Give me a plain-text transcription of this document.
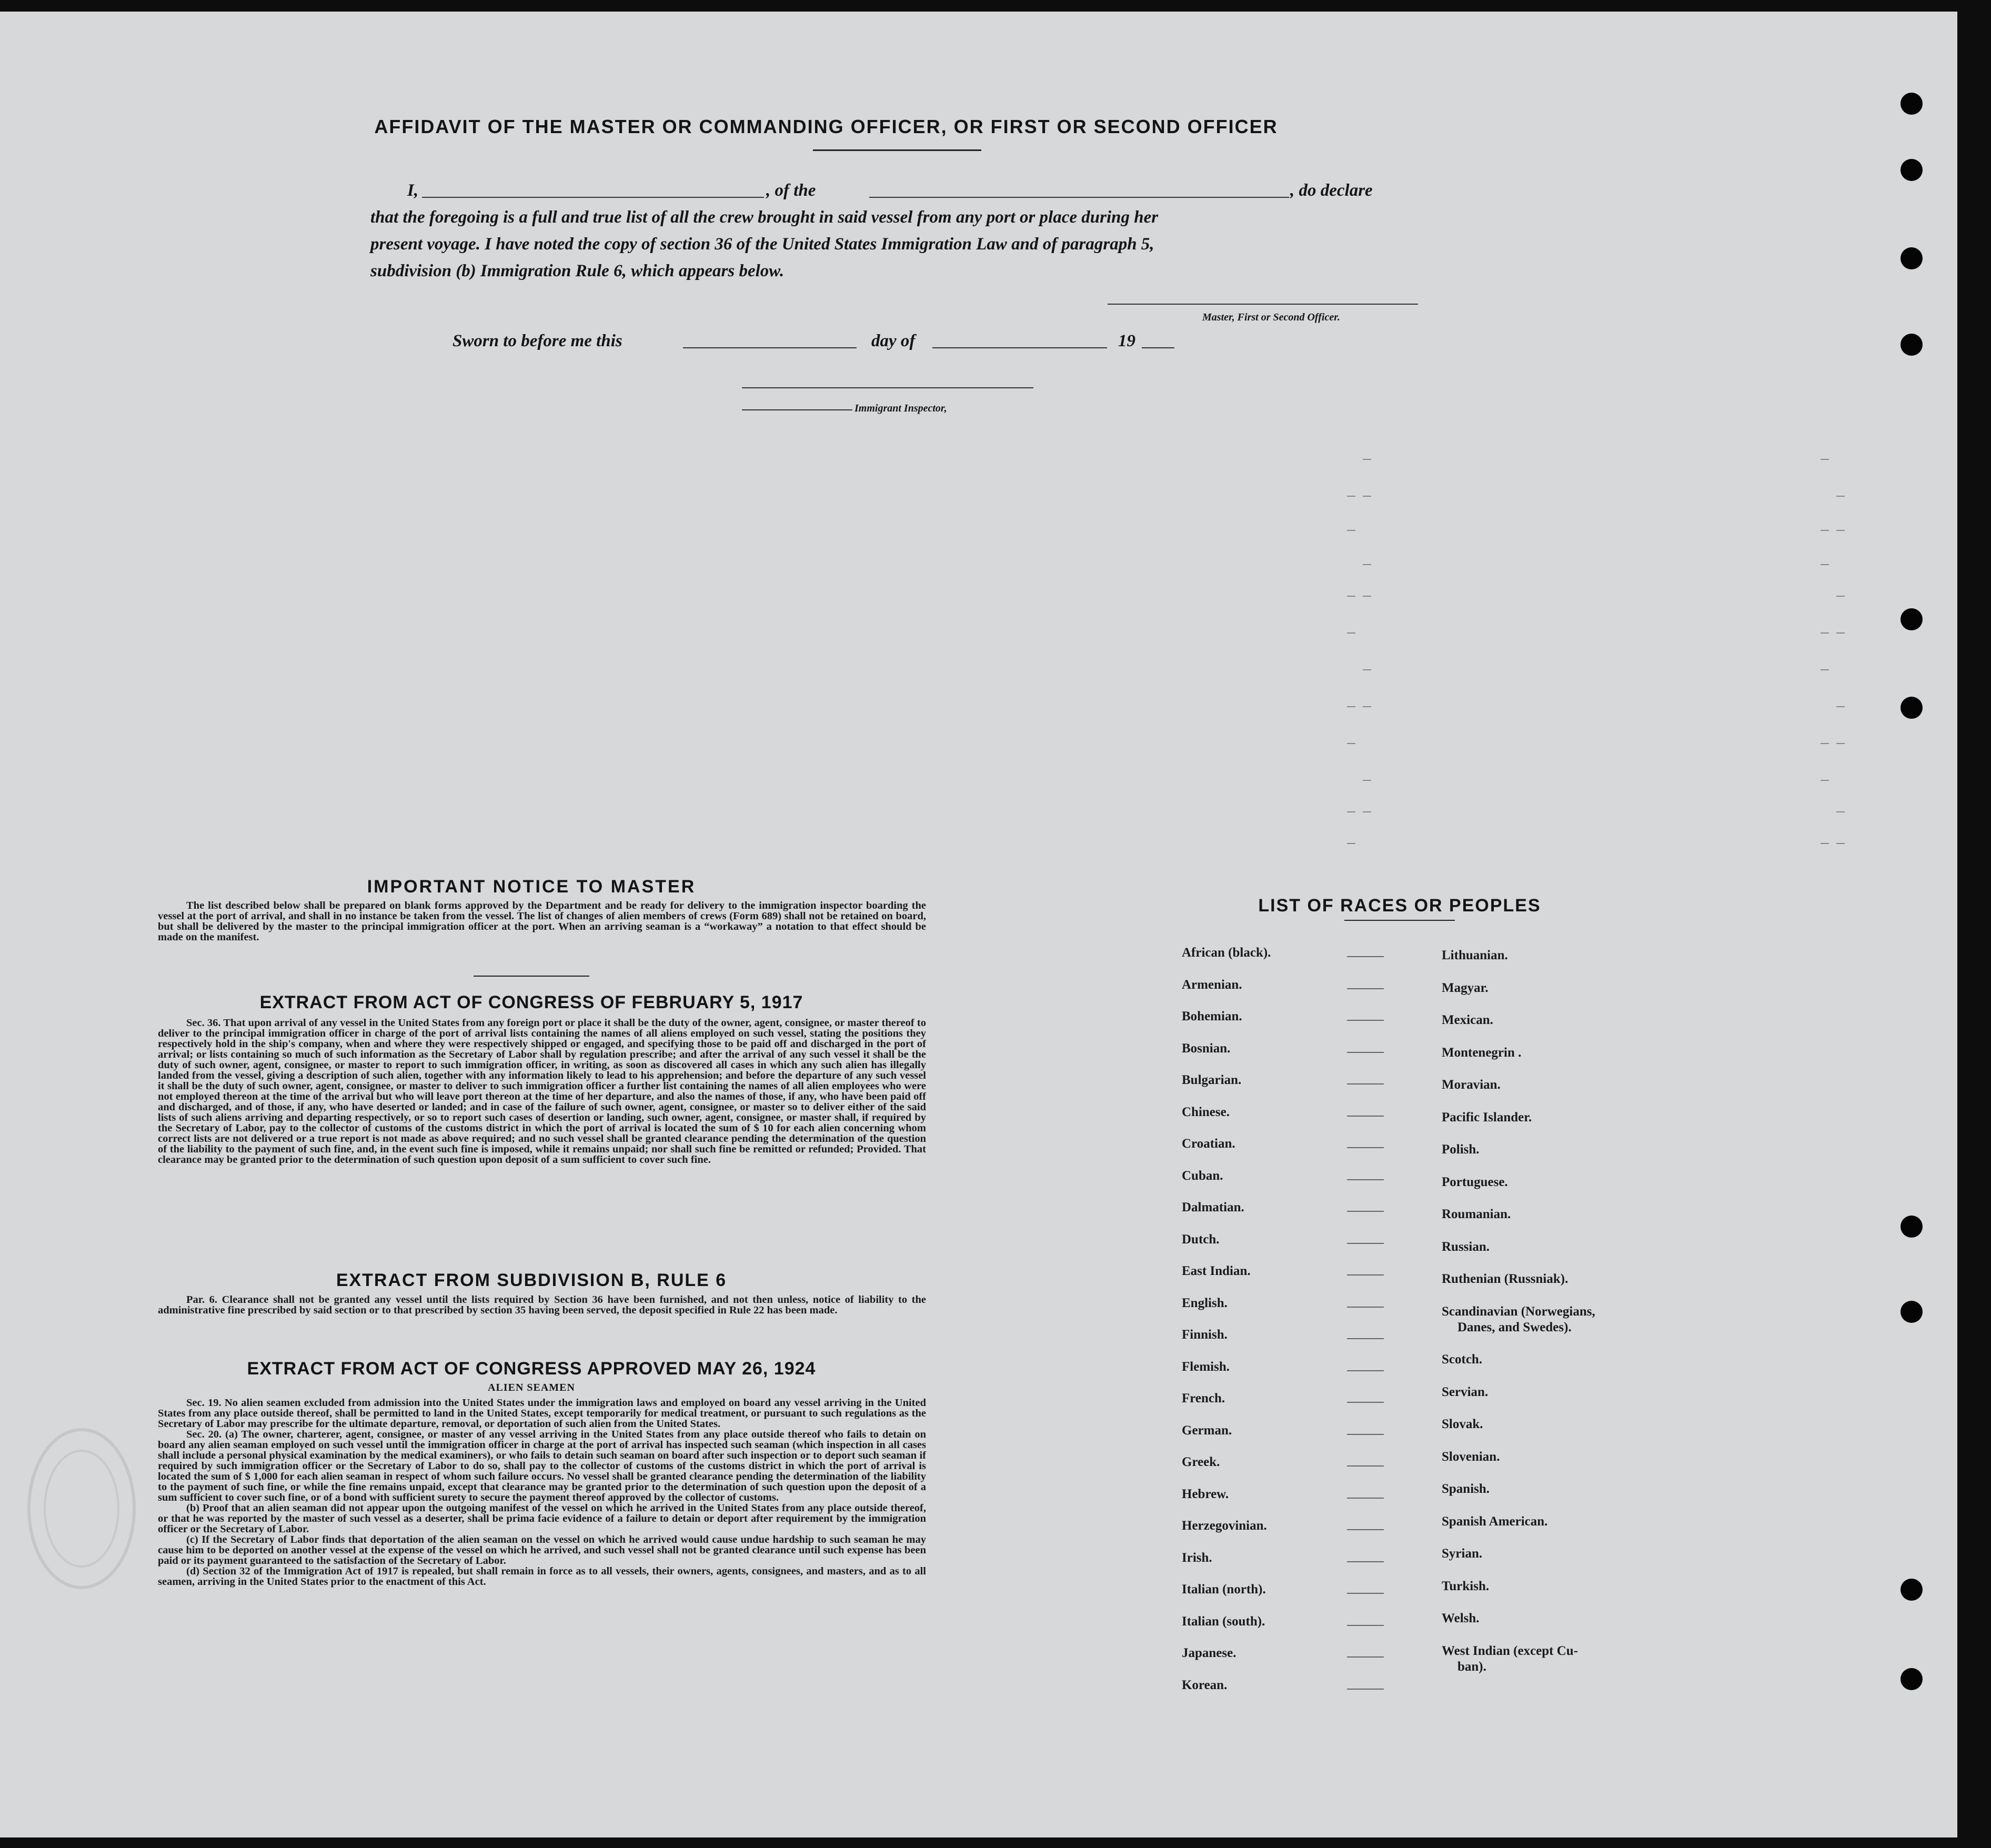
AFFIDAVIT OF THE MASTER OR COMMANDING OFFICER, OR FIRST OR SECOND OFFICER
I,	, of the	, do declare
that the foregoing is a full and true list of all the crew brought in said vessel from any port or place during her
present voyage. I have noted the copy of section 36 of the United States Immigration Law and of paragraph 5,
subdivision (b) Immigration Rule 6, which appears below.
Master, First or Second Officer.
Sworn to before me this	day of	19
Immigrant Inspector,
IMPORTANT NOTICE TO MASTER

The list described below shall be prepared on blank forms approved by the Department and be ready for delivery to the immigration inspector boarding the vessel at the port of arrival, and shall in no instance be taken from the vessel. The list of changes of alien members of crews (Form 689) shall not be retained on board, but shall be delivered by the master to the principal immigration officer at the port. When an arriving seaman is a “workaway” a notation to that effect should be made on the manifest.

EXTRACT FROM ACT OF CONGRESS OF FEBRUARY 5, 1917

Sec. 36. That upon arrival of any vessel in the United States from any foreign port or place it shall be the duty of the owner, agent, consignee, or master thereof to deliver to the principal immigration officer in charge of the port of arrival lists containing the names of all aliens employed on such vessel, stating the positions they respectively hold in the ship's company, when and where they were respectively shipped or engaged, and specifying those to be paid off and discharged in the port of arrival; or lists containing so much of such information as the Secretary of Labor shall by regulation prescribe; and after the arrival of any such vessel it shall be the duty of such owner, agent, consignee, or master to report to such immigration officer, in writing, as soon as discovered all cases in which any such alien has illegally landed from the vessel, giving a description of such alien, together with any information likely to lead to his apprehension; and before the departure of any such vessel it shall be the duty of such owner, agent, consignee, or master to deliver to such immigration officer a further list containing the names of all alien employees who were not employed thereon at the time of the arrival but who will leave port thereon at the time of her departure, and also the names of those, if any, who have been paid off and discharged, and of those, if any, who have deserted or landed; and in case of the failure of such owner, agent, consignee, or master so to deliver either of the said lists of such aliens arriving and departing respectively, or so to report such cases of desertion or landing, such owner, agent, consignee, or master shall, if required by the Secretary of Labor, pay to the collector of customs of the customs district in which the port of arrival is located the sum of $ 10 for each alien concerning whom correct lists are not delivered or a true report is not made as above required; and no such vessel shall be granted clearance pending the determination of the question of the liability to the payment of such fine, and, in the event such fine is imposed, while it remains unpaid; nor shall such fine be remitted or refunded; Provided. That clearance may be granted prior to the determination of such question upon deposit of a sum sufficient to cover such fine.

EXTRACT FROM SUBDIVISION B, RULE 6

Par. 6. Clearance shall not be granted any vessel until the lists required by Section 36 have been furnished, and not then unless, notice of liability to the administrative fine prescribed by said section or to that prescribed by section 35 having been served, the deposit specified in Rule 22 has been made.

EXTRACT FROM ACT OF CONGRESS APPROVED MAY 26, 1924
ALIEN SEAMEN

Sec. 19. No alien seamen excluded from admission into the United States under the immigration laws and employed on board any vessel arriving in the United States from any place outside thereof, shall be permitted to land in the United States, except temporarily for medical treatment, or pursuant to such regulations as the Secretary of Labor may prescribe for the ultimate departure, removal, or deportation of such alien from the United States.

Sec. 20. (a) The owner, charterer, agent, consignee, or master of any vessel arriving in the United States from any place outside thereof who fails to detain on board any alien seaman employed on such vessel until the immigration officer in charge at the port of arrival has inspected such seaman (which inspection in all cases shall include a personal physical examination by the medical examiners), or who fails to detain such seaman on board after such inspection or to deport such seaman if required by such immigration officer or the Secretary of Labor to do so, shall pay to the collector of customs of the customs district in which the port of arrival is located the sum of $ 1,000 for each alien seaman in respect of whom such failure occurs. No vessel shall be granted clearance pending the determination of the liability to the payment of such fine, or while the fine remains unpaid, except that clearance may be granted prior to the determination of such question upon the deposit of a sum sufficient to cover such fine, or of a bond with sufficient surety to secure the payment thereof approved by the collector of customs.

(b) Proof that an alien seaman did not appear upon the outgoing manifest of the vessel on which he arrived in the United States from any place outside thereof, or that he was reported by the master of such vessel as a deserter, shall be prima facie evidence of a failure to detain or deport after requirement by the immigration officer or the Secretary of Labor.

(c) If the Secretary of Labor finds that deportation of the alien seaman on the vessel on which he arrived would cause undue hardship to such seaman he may cause him to be deported on another vessel at the expense of the vessel on which he arrived, and such vessel shall not be granted clearance until such expense has been paid or its payment guaranteed to the satisfaction of the Secretary of Labor.

(d) Section 32 of the Immigration Act of 1917 is repealed, but shall remain in force as to all vessels, their owners, agents, consignees, and masters, and as to all seamen, arriving in the United States prior to the enactment of this Act.

LIST OF RACES OR PEOPLES
African (black).
Armenian.
Bohemian.
Bosnian.
Bulgarian.
Chinese.
Croatian.
Cuban.
Dalmatian.
Dutch.
East Indian.
English.
Finnish.
Flemish.
French.
German.
Greek.
Hebrew.
Herzegovinian.
Irish.
Italian (north).
Italian (south).
Japanese.
Korean.
Lithuanian.
Magyar.
Mexican.
Montenegrin .
Moravian.
Pacific Islander.
Polish.
Portuguese.
Roumanian.
Russian.
Ruthenian (Russniak).
Scandinavian (Norwegians,
Danes, and Swedes).
Scotch.
Servian.
Slovak.
Slovenian.
Spanish.
Spanish American.
Syrian.
Turkish.
Welsh.
West Indian (except Cu-
ban).
